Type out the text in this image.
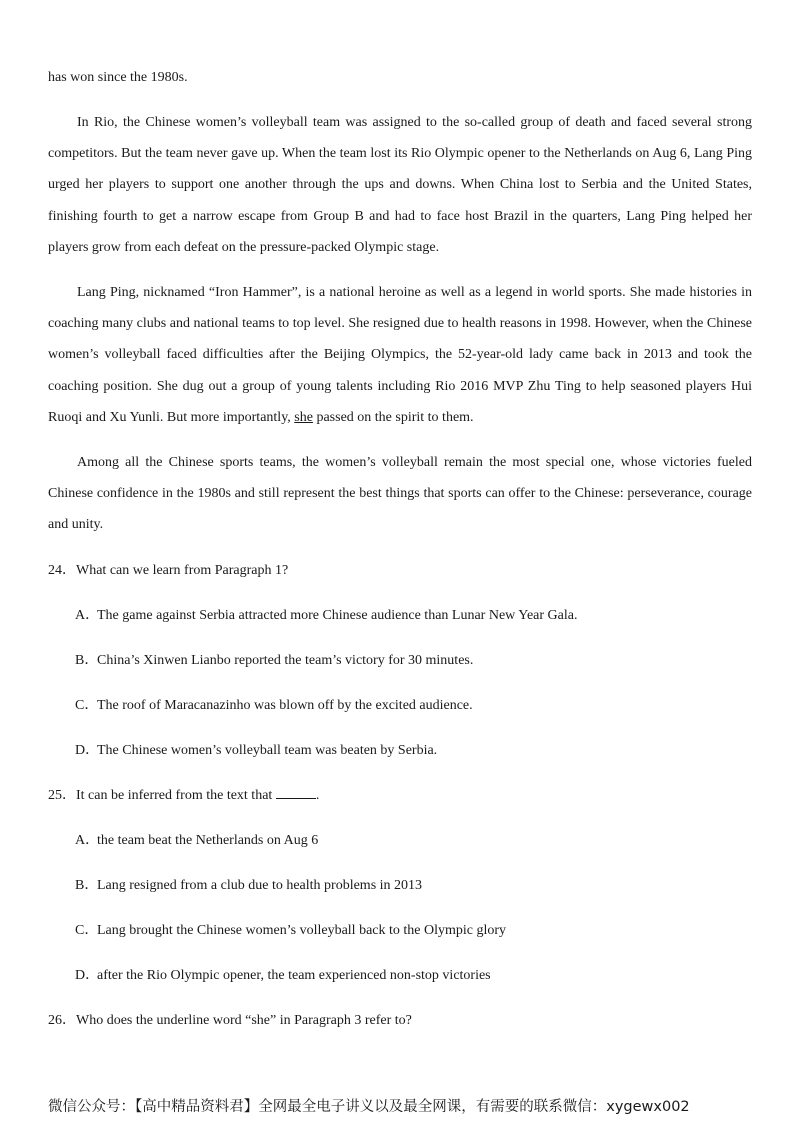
has won since the 1980s.

In Rio, the Chinese women’s volleyball team was assigned to the so-called group of death and faced several strong competitors. But the team never gave up. When the team lost its Rio Olympic opener to the Netherlands on Aug 6, Lang Ping urged her players to support one another through the ups and downs. When China lost to Serbia and the United States, finishing fourth to get a narrow escape from Group B and had to face host Brazil in the quarters, Lang Ping helped her players grow from each defeat on the pressure-packed Olympic stage.

Lang Ping, nicknamed “Iron Hammer”, is a national heroine as well as a legend in world sports. She made histories in coaching many clubs and national teams to top level. She resigned due to health reasons in 1998. However, when the Chinese women’s volleyball faced difficulties after the Beijing Olympics, the 52-year-old lady came back in 2013 and took the coaching position. She dug out a group of young talents including Rio 2016 MVP Zhu Ting to help seasoned players Hui Ruoqi and Xu Yunli. But more importantly, she passed on the spirit to them.

Among all the Chinese sports teams, the women’s volleyball remain the most special one, whose victories fueled Chinese confidence in the 1980s and still represent the best things that sports can offer to the Chinese: perseverance, courage and unity.

24．What can we learn from Paragraph 1?

A．The game against Serbia attracted more Chinese audience than Lunar New Year Gala.

B．China’s Xinwen Lianbo reported the team’s victory for 30 minutes.

C．The roof of Maracanazinho was blown off by the excited audience.

D．The Chinese women’s volleyball team was beaten by Serbia.

25．It can be inferred from the text that	.

A．the team beat the Netherlands on Aug 6

B．Lang resigned from a club due to health problems in 2013

C．Lang brought the Chinese women’s volleyball back to the Olympic glory

D．after the Rio Olympic opener, the team experienced non-stop victories

26．Who does the underline word “she” in Paragraph 3 refer to?

微信公众号：【高中精品资料君】全网最全电子讲义以及最全网课，有需要的联系微信：xygewx002
